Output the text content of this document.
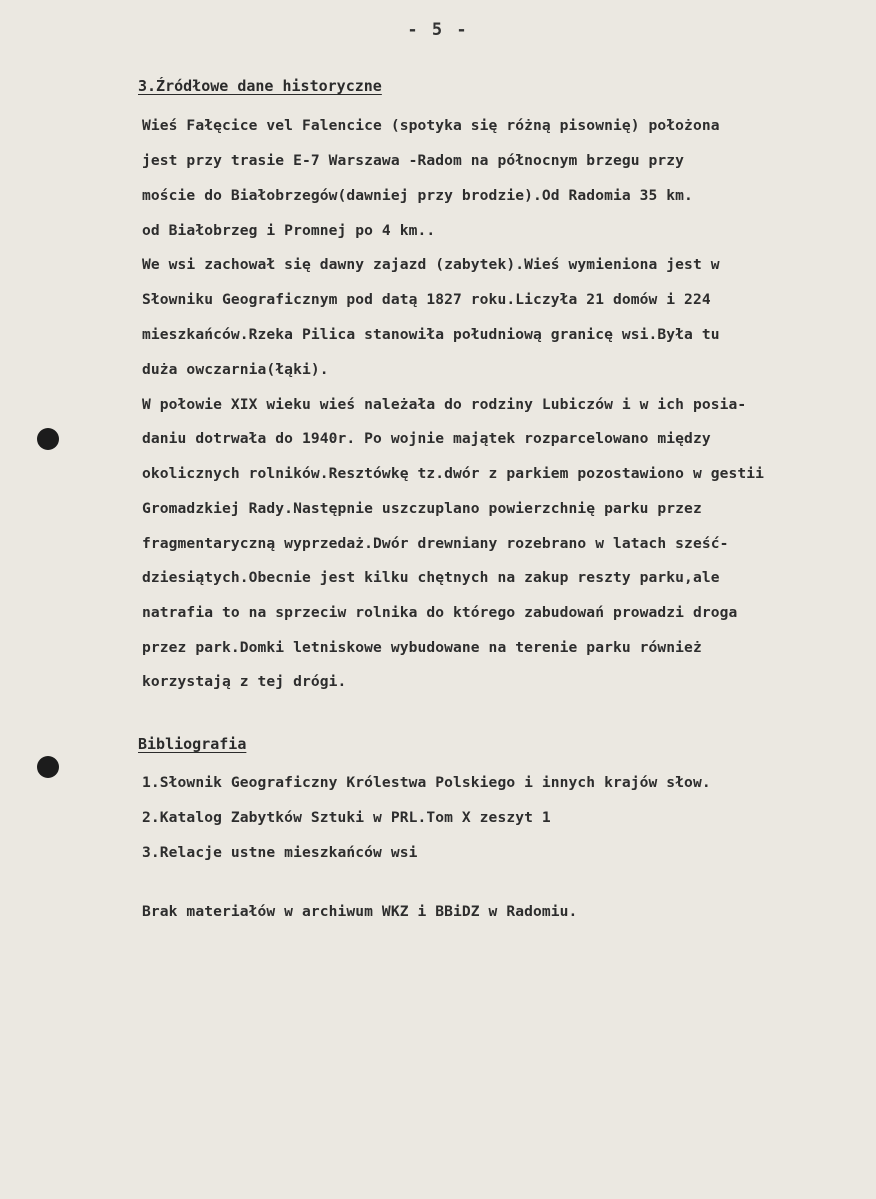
- 5 -
3.Źródłowe dane historyczne
Wieś Fałęcice vel Falencice (spotyka się różną pisownię) położona
jest przy trasie E-7 Warszawa -Radom na północnym brzegu przy
moście do Białobrzegów(dawniej przy brodzie).Od Radomia 35 km.
od Białobrzeg i Promnej po 4 km..
We wsi zachował się dawny zajazd (zabytek).Wieś wymieniona jest w
Słowniku Geograficznym pod datą 1827 roku.Liczyła 21 domów i 224
mieszkańców.Rzeka Pilica stanowiła południową granicę wsi.Była tu
duża owczarnia(łąki).
W połowie XIX wieku wieś należała do rodziny Lubiczów i w ich posia-
daniu dotrwała do 1940r. Po wojnie majątek rozparcelowano między
okolicznych rolników.Resztówkę tz.dwór z parkiem pozostawiono w gestii
Gromadzkiej Rady.Następnie uszczuplano powierzchnię parku przez
fragmentaryczną wyprzedaż.Dwór drewniany rozebrano w latach sześć-
dziesiątych.Obecnie jest kilku chętnych na zakup reszty parku,ale
natrafia to na sprzeciw rolnika do którego zabudowań prowadzi droga
przez park.Domki letniskowe wybudowane na terenie parku również
korzystają z tej drógi.
Bibliografia
1.Słownik Geograficzny Królestwa Polskiego i innych krajów słow.
2.Katalog Zabytków Sztuki w PRL.Tom X zeszyt 1
3.Relacje ustne mieszkańców wsi
Brak materiałów w archiwum WKZ i BBiDZ w Radomiu.
